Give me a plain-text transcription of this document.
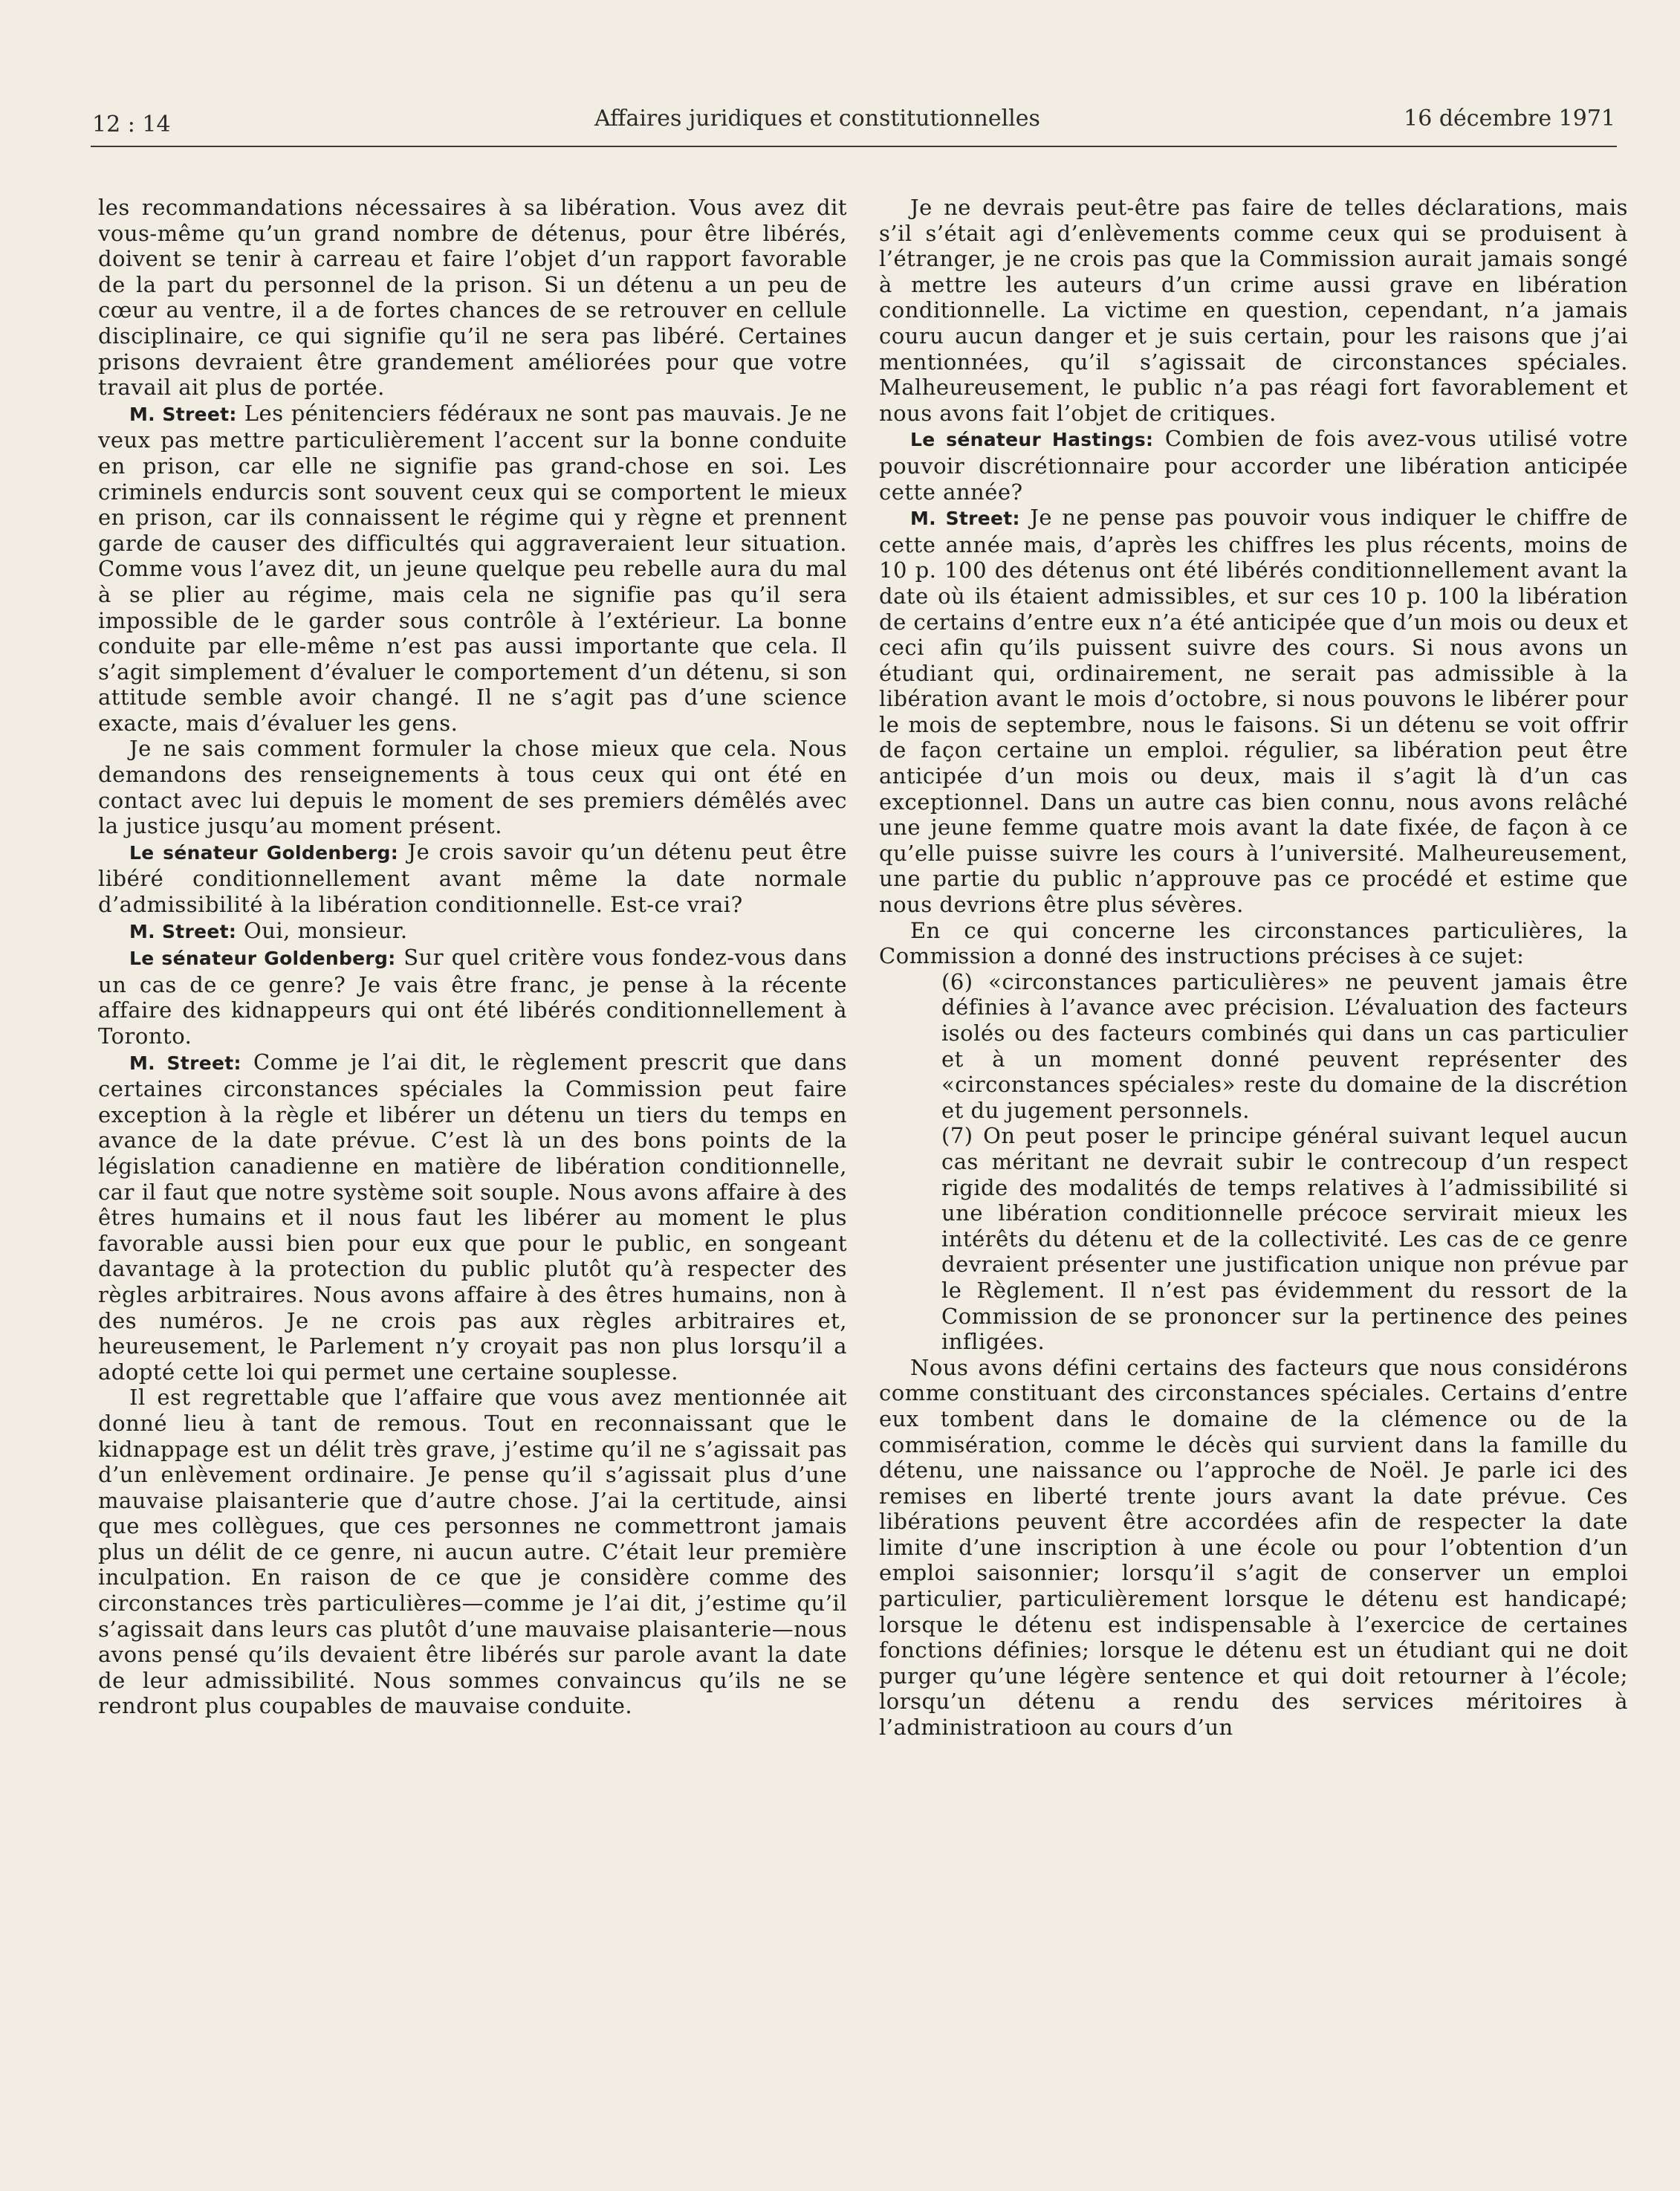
12 : 14	Affaires juridiques et constitutionnelles	16 décembre 1971

les recommandations nécessaires à sa libération. Vous avez dit vous-même qu’un grand nombre de détenus, pour être libérés, doivent se tenir à carreau et faire l’objet d’un rapport favorable de la part du personnel de la prison. Si un détenu a un peu de cœur au ventre, il a de fortes chances de se retrouver en cellule disciplinaire, ce qui signifie qu’il ne sera pas libéré. Certaines prisons devraient être grandement améliorées pour que votre travail ait plus de portée.

M. Street: Les pénitenciers fédéraux ne sont pas mauvais. Je ne veux pas mettre particulièrement l’accent sur la bonne conduite en prison, car elle ne signifie pas grand-chose en soi. Les criminels endurcis sont souvent ceux qui se comportent le mieux en prison, car ils connaissent le régime qui y règne et prennent garde de causer des difficultés qui aggraveraient leur situation. Comme vous l’avez dit, un jeune quelque peu rebelle aura du mal à se plier au régime, mais cela ne signifie pas qu’il sera impossible de le garder sous contrôle à l’extérieur. La bonne conduite par elle-même n’est pas aussi importante que cela. Il s’agit simplement d’évaluer le comportement d’un détenu, si son attitude semble avoir changé. Il ne s’agit pas d’une science exacte, mais d’évaluer les gens.

Je ne sais comment formuler la chose mieux que cela. Nous demandons des renseignements à tous ceux qui ont été en contact avec lui depuis le moment de ses premiers démêlés avec la justice jusqu’au moment présent.

Le sénateur Goldenberg: Je crois savoir qu’un détenu peut être libéré conditionnellement avant même la date normale d’admissibilité à la libération conditionnelle. Est-ce vrai?

M. Street: Oui, monsieur.

Le sénateur Goldenberg: Sur quel critère vous fondez-vous dans un cas de ce genre? Je vais être franc, je pense à la récente affaire des kidnappeurs qui ont été libérés conditionnellement à Toronto.

M. Street: Comme je l’ai dit, le règlement prescrit que dans certaines circonstances spéciales la Commission peut faire exception à la règle et libérer un détenu un tiers du temps en avance de la date prévue. C’est là un des bons points de la législation canadienne en matière de libération conditionnelle, car il faut que notre système soit souple. Nous avons affaire à des êtres humains et il nous faut les libérer au moment le plus favorable aussi bien pour eux que pour le public, en songeant davantage à la protection du public plutôt qu’à respecter des règles arbitraires. Nous avons affaire à des êtres humains, non à des numéros. Je ne crois pas aux règles arbitraires et, heureusement, le Parlement n’y croyait pas non plus lorsqu’il a adopté cette loi qui permet une certaine souplesse.

Il est regrettable que l’affaire que vous avez mentionnée ait donné lieu à tant de remous. Tout en reconnaissant que le kidnappage est un délit très grave, j’estime qu’il ne s’agissait pas d’un enlèvement ordinaire. Je pense qu’il s’agissait plus d’une mauvaise plaisanterie que d’autre chose. J’ai la certitude, ainsi que mes collègues, que ces personnes ne commettront jamais plus un délit de ce genre, ni aucun autre. C’était leur première inculpation. En raison de ce que je considère comme des circonstances très particulières—comme je l’ai dit, j’estime qu’il s’agissait dans leurs cas plutôt d’une mauvaise plaisanterie—nous avons pensé qu’ils devaient être libérés sur parole avant la date de leur admissibilité. Nous sommes convaincus qu’ils ne se rendront plus coupables de mauvaise conduite.

Je ne devrais peut-être pas faire de telles déclarations, mais s’il s’était agi d’enlèvements comme ceux qui se produisent à l’étranger, je ne crois pas que la Commission aurait jamais songé à mettre les auteurs d’un crime aussi grave en libération conditionnelle. La victime en question, cependant, n’a jamais couru aucun danger et je suis certain, pour les raisons que j’ai mentionnées, qu’il s’agissait de circonstances spéciales. Malheureusement, le public n’a pas réagi fort favorablement et nous avons fait l’objet de critiques.

Le sénateur Hastings: Combien de fois avez-vous utilisé votre pouvoir discrétionnaire pour accorder une libération anticipée cette année?

M. Street: Je ne pense pas pouvoir vous indiquer le chiffre de cette année mais, d’après les chiffres les plus récents, moins de 10 p. 100 des détenus ont été libérés conditionnellement avant la date où ils étaient admissibles, et sur ces 10 p. 100 la libération de certains d’entre eux n’a été anticipée que d’un mois ou deux et ceci afin qu’ils puissent suivre des cours. Si nous avons un étudiant qui, ordinairement, ne serait pas admissible à la libération avant le mois d’octobre, si nous pouvons le libérer pour le mois de septembre, nous le faisons. Si un détenu se voit offrir de façon certaine un emploi. régulier, sa libération peut être anticipée d’un mois ou deux, mais il s’agit là d’un cas exceptionnel. Dans un autre cas bien connu, nous avons relâché une jeune femme quatre mois avant la date fixée, de façon à ce qu’elle puisse suivre les cours à l’université. Malheureusement, une partie du public n’approuve pas ce procédé et estime que nous devrions être plus sévères.

En ce qui concerne les circonstances particulières, la Commission a donné des instructions précises à ce sujet:

(6) «circonstances particulières» ne peuvent jamais être définies à l’avance avec précision. L’évaluation des facteurs isolés ou des facteurs combinés qui dans un cas particulier et à un moment donné peuvent représenter des «circonstances spéciales» reste du domaine de la discrétion et du jugement personnels.

(7) On peut poser le principe général suivant lequel aucun cas méritant ne devrait subir le contrecoup d’un respect rigide des modalités de temps relatives à l’admissibilité si une libération conditionnelle précoce servirait mieux les intérêts du détenu et de la collectivité. Les cas de ce genre devraient présenter une justification unique non prévue par le Règlement. Il n’est pas évidemment du ressort de la Commission de se prononcer sur la pertinence des peines infligées.

Nous avons défini certains des facteurs que nous considérons comme constituant des circonstances spéciales. Certains d’entre eux tombent dans le domaine de la clémence ou de la commisération, comme le décès qui survient dans la famille du détenu, une naissance ou l’approche de Noël. Je parle ici des remises en liberté trente jours avant la date prévue. Ces libérations peuvent être accordées afin de respecter la date limite d’une inscription à une école ou pour l’obtention d’un emploi saisonnier; lorsqu’il s’agit de conserver un emploi particulier, particulièrement lorsque le détenu est handicapé; lorsque le détenu est indispensable à l’exercice de certaines fonctions définies; lorsque le détenu est un étudiant qui ne doit purger qu’une légère sentence et qui doit retourner à l’école; lorsqu’un détenu a rendu des services méritoires à l’administratioon au cours d’un
